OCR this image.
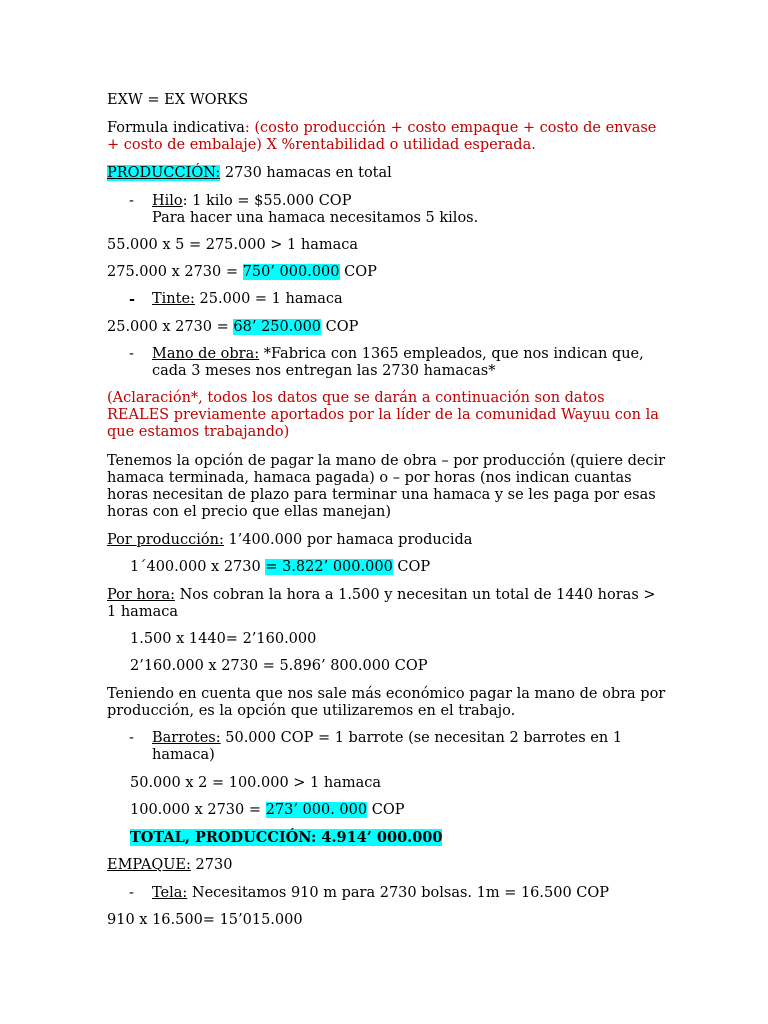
EXW = EX WORKS

Formula indicativa: (costo producción + costo empaque + costo de envase + costo de embalaje) X %rentabilidad o utilidad esperada.

PRODUCCIÓN: 2730 hamacas en total

- Hilo: 1 kilo = $55.000 COP
Para hacer una hamaca necesitamos 5 kilos.

55.000 x 5 = 275.000 > 1 hamaca

275.000 x 2730 = 750’ 000.000 COP

- Tinte: 25.000 = 1 hamaca

25.000 x 2730 = 68’ 250.000 COP

- Mano de obra: *Fabrica con 1365 empleados, que nos indican que, cada 3 meses nos entregan las 2730 hamacas*

(Aclaración*, todos los datos que se darán a continuación son datos REALES previamente aportados por la líder de la comunidad Wayuu con la que estamos trabajando)

Tenemos la opción de pagar la mano de obra – por producción (quiere decir hamaca terminada, hamaca pagada) o – por horas (nos indican cuantas horas necesitan de plazo para terminar una hamaca y se les paga por esas horas con el precio que ellas manejan)

Por producción: 1’400.000 por hamaca producida

1´400.000 x 2730 = 3.822’ 000.000 COP

Por hora: Nos cobran la hora a 1.500 y necesitan un total de 1440 horas > 1 hamaca

1.500 x 1440= 2’160.000

2’160.000 x 2730 = 5.896’ 800.000 COP

Teniendo en cuenta que nos sale más económico pagar la mano de obra por producción, es la opción que utilizaremos en el trabajo.

- Barrotes: 50.000 COP = 1 barrote (se necesitan 2 barrotes en 1 hamaca)

50.000 x 2 = 100.000 > 1 hamaca

100.000 x 2730 = 273’ 000. 000 COP

TOTAL, PRODUCCIÓN: 4.914’ 000.000

EMPAQUE: 2730

- Tela: Necesitamos 910 m para 2730 bolsas. 1m = 16.500 COP

910 x 16.500= 15’015.000
